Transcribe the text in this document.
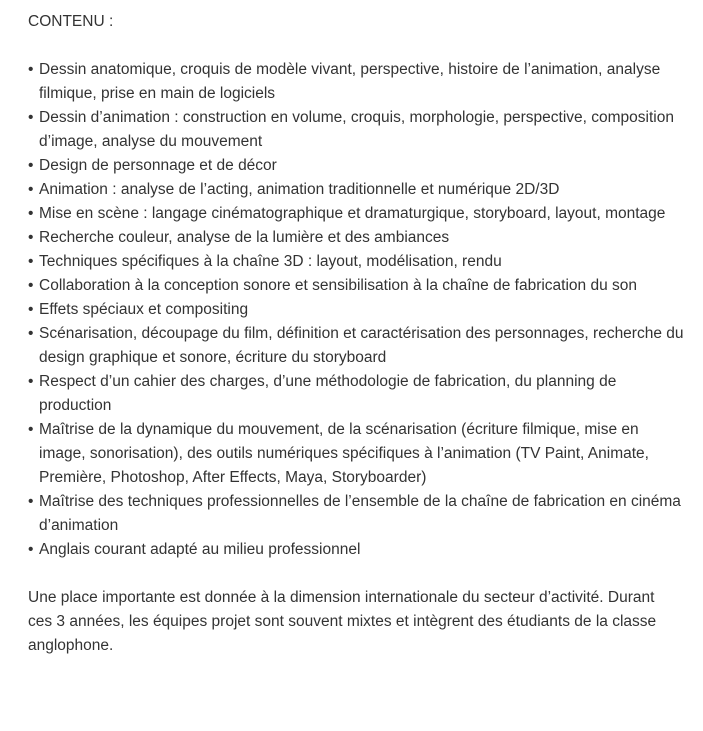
CONTENU :
• Dessin anatomique, croquis de modèle vivant, perspective, histoire de l’animation, analyse filmique, prise en main de logiciels
• Dessin d’animation : construction en volume, croquis, morphologie, perspective, composition d’image, analyse du mouvement
• Design de personnage et de décor
• Animation : analyse de l’acting, animation traditionnelle et numérique 2D/3D
• Mise en scène : langage cinématographique et dramaturgique, storyboard, layout, montage
• Recherche couleur, analyse de la lumière et des ambiances
• Techniques spécifiques à la chaîne 3D : layout, modélisation, rendu
• Collaboration à la conception sonore et sensibilisation à la chaîne de fabrication du son
• Effets spéciaux et compositing
• Scénarisation, découpage du film, définition et caractérisation des personnages, recherche du design graphique et sonore, écriture du storyboard
• Respect d’un cahier des charges, d’une méthodologie de fabrication, du planning de production
• Maîtrise de la dynamique du mouvement, de la scénarisation (écriture filmique, mise en image, sonorisation), des outils numériques spécifiques à l’animation (TV Paint, Animate, Première, Photoshop, After Effects, Maya, Storyboarder)
• Maîtrise des techniques professionnelles de l’ensemble de la chaîne de fabrication en cinéma d’animation
• Anglais courant adapté au milieu professionnel

Une place importante est donnée à la dimension internationale du secteur d’activité. Durant ces 3 années, les équipes projet sont souvent mixtes et intègrent des étudiants de la classe anglophone.
